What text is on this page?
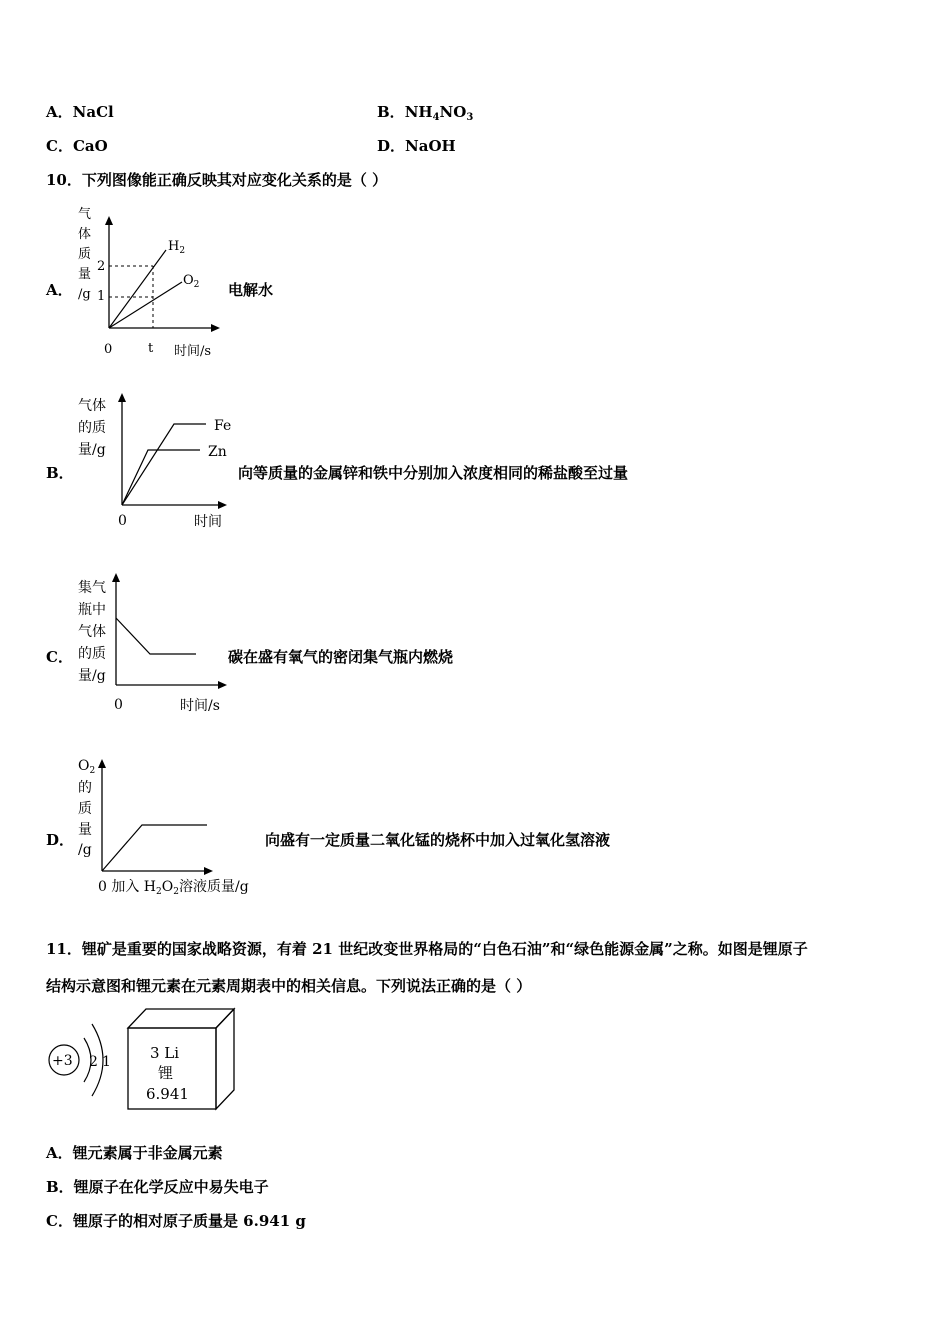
A．NaCl	B．$NH_4NO_3$
C．CaO	D．NaOH
10．下列图像能正确反映其对应变化关系的是（ ）
A．
气
体
质
量
/g
2
1
0	t 时间/s
$H_2$
$O_2$ 电解水
B．
气体
的质
量/g
Fe
Zn
0	时间
向等质量的金属锌和铁中分别加入浓度相同的稀盐酸至过量
C．
集气
瓶中
气体
的质
量/g
0	时间/s
碳在盛有氧气的密闭集气瓶内燃烧
D．
$O_2$
的
质
量
/g
0 加入 $H_2O_2$溶液质量/g
向盛有一定质量二氧化锰的烧杯中加入过氧化氢溶液
11．锂矿是重要的国家战略资源，有着 21 世纪改变世界格局的“白色石油”和“绿色能源金属”之称。如图是锂原子
结构示意图和锂元素在元素周期表中的相关信息。下列说法正确的是（ ）
+3 2 1	3 Li
锂
6.941
A．锂元素属于非金属元素
B．锂原子在化学反应中易失电子
C．锂原子的相对原子质量是 6.941 g
